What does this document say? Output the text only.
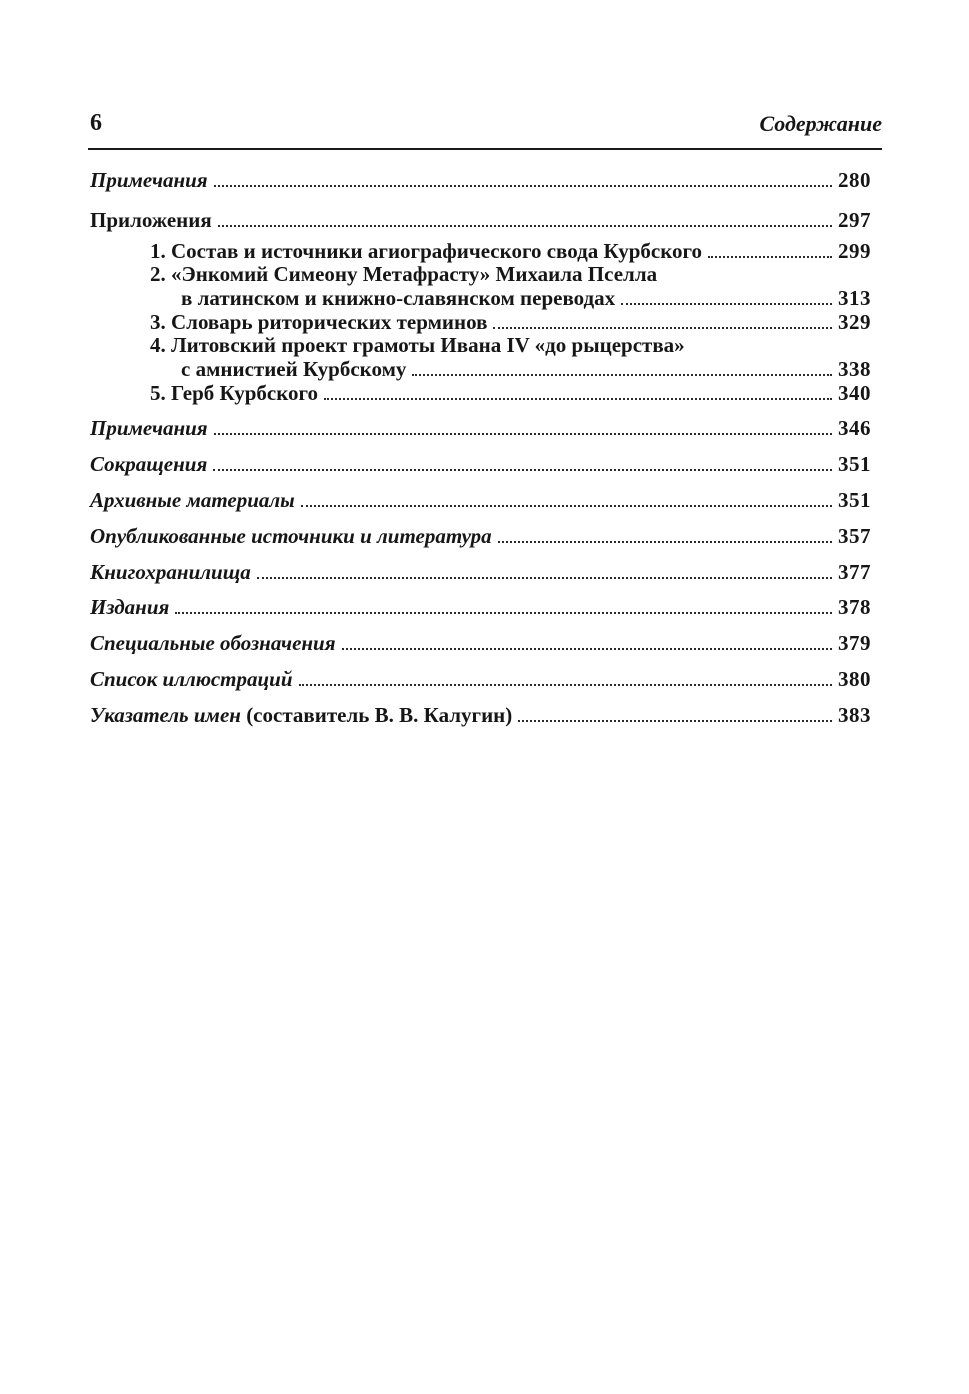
6	Содержание
Примечания	280
Приложения	297
1. Состав и источники агиографического свода Курбского	299
2. «Энкомий Симеону Метафрасту» Михаила Пселла
в латинском и книжно-славянском переводах	313
3. Словарь риторических терминов	329
4. Литовский проект грамоты Ивана IV «до рыцерства»
с амнистией Курбскому	338
5. Герб Курбского	340
Примечания	346
Сокращения	351
Архивные материалы	351
Опубликованные источники и литература	357
Книгохранилища	377
Издания	378
Специальные обозначения	379
Список иллюстраций	380
Указатель имен (составитель В. В. Калугин)	383
